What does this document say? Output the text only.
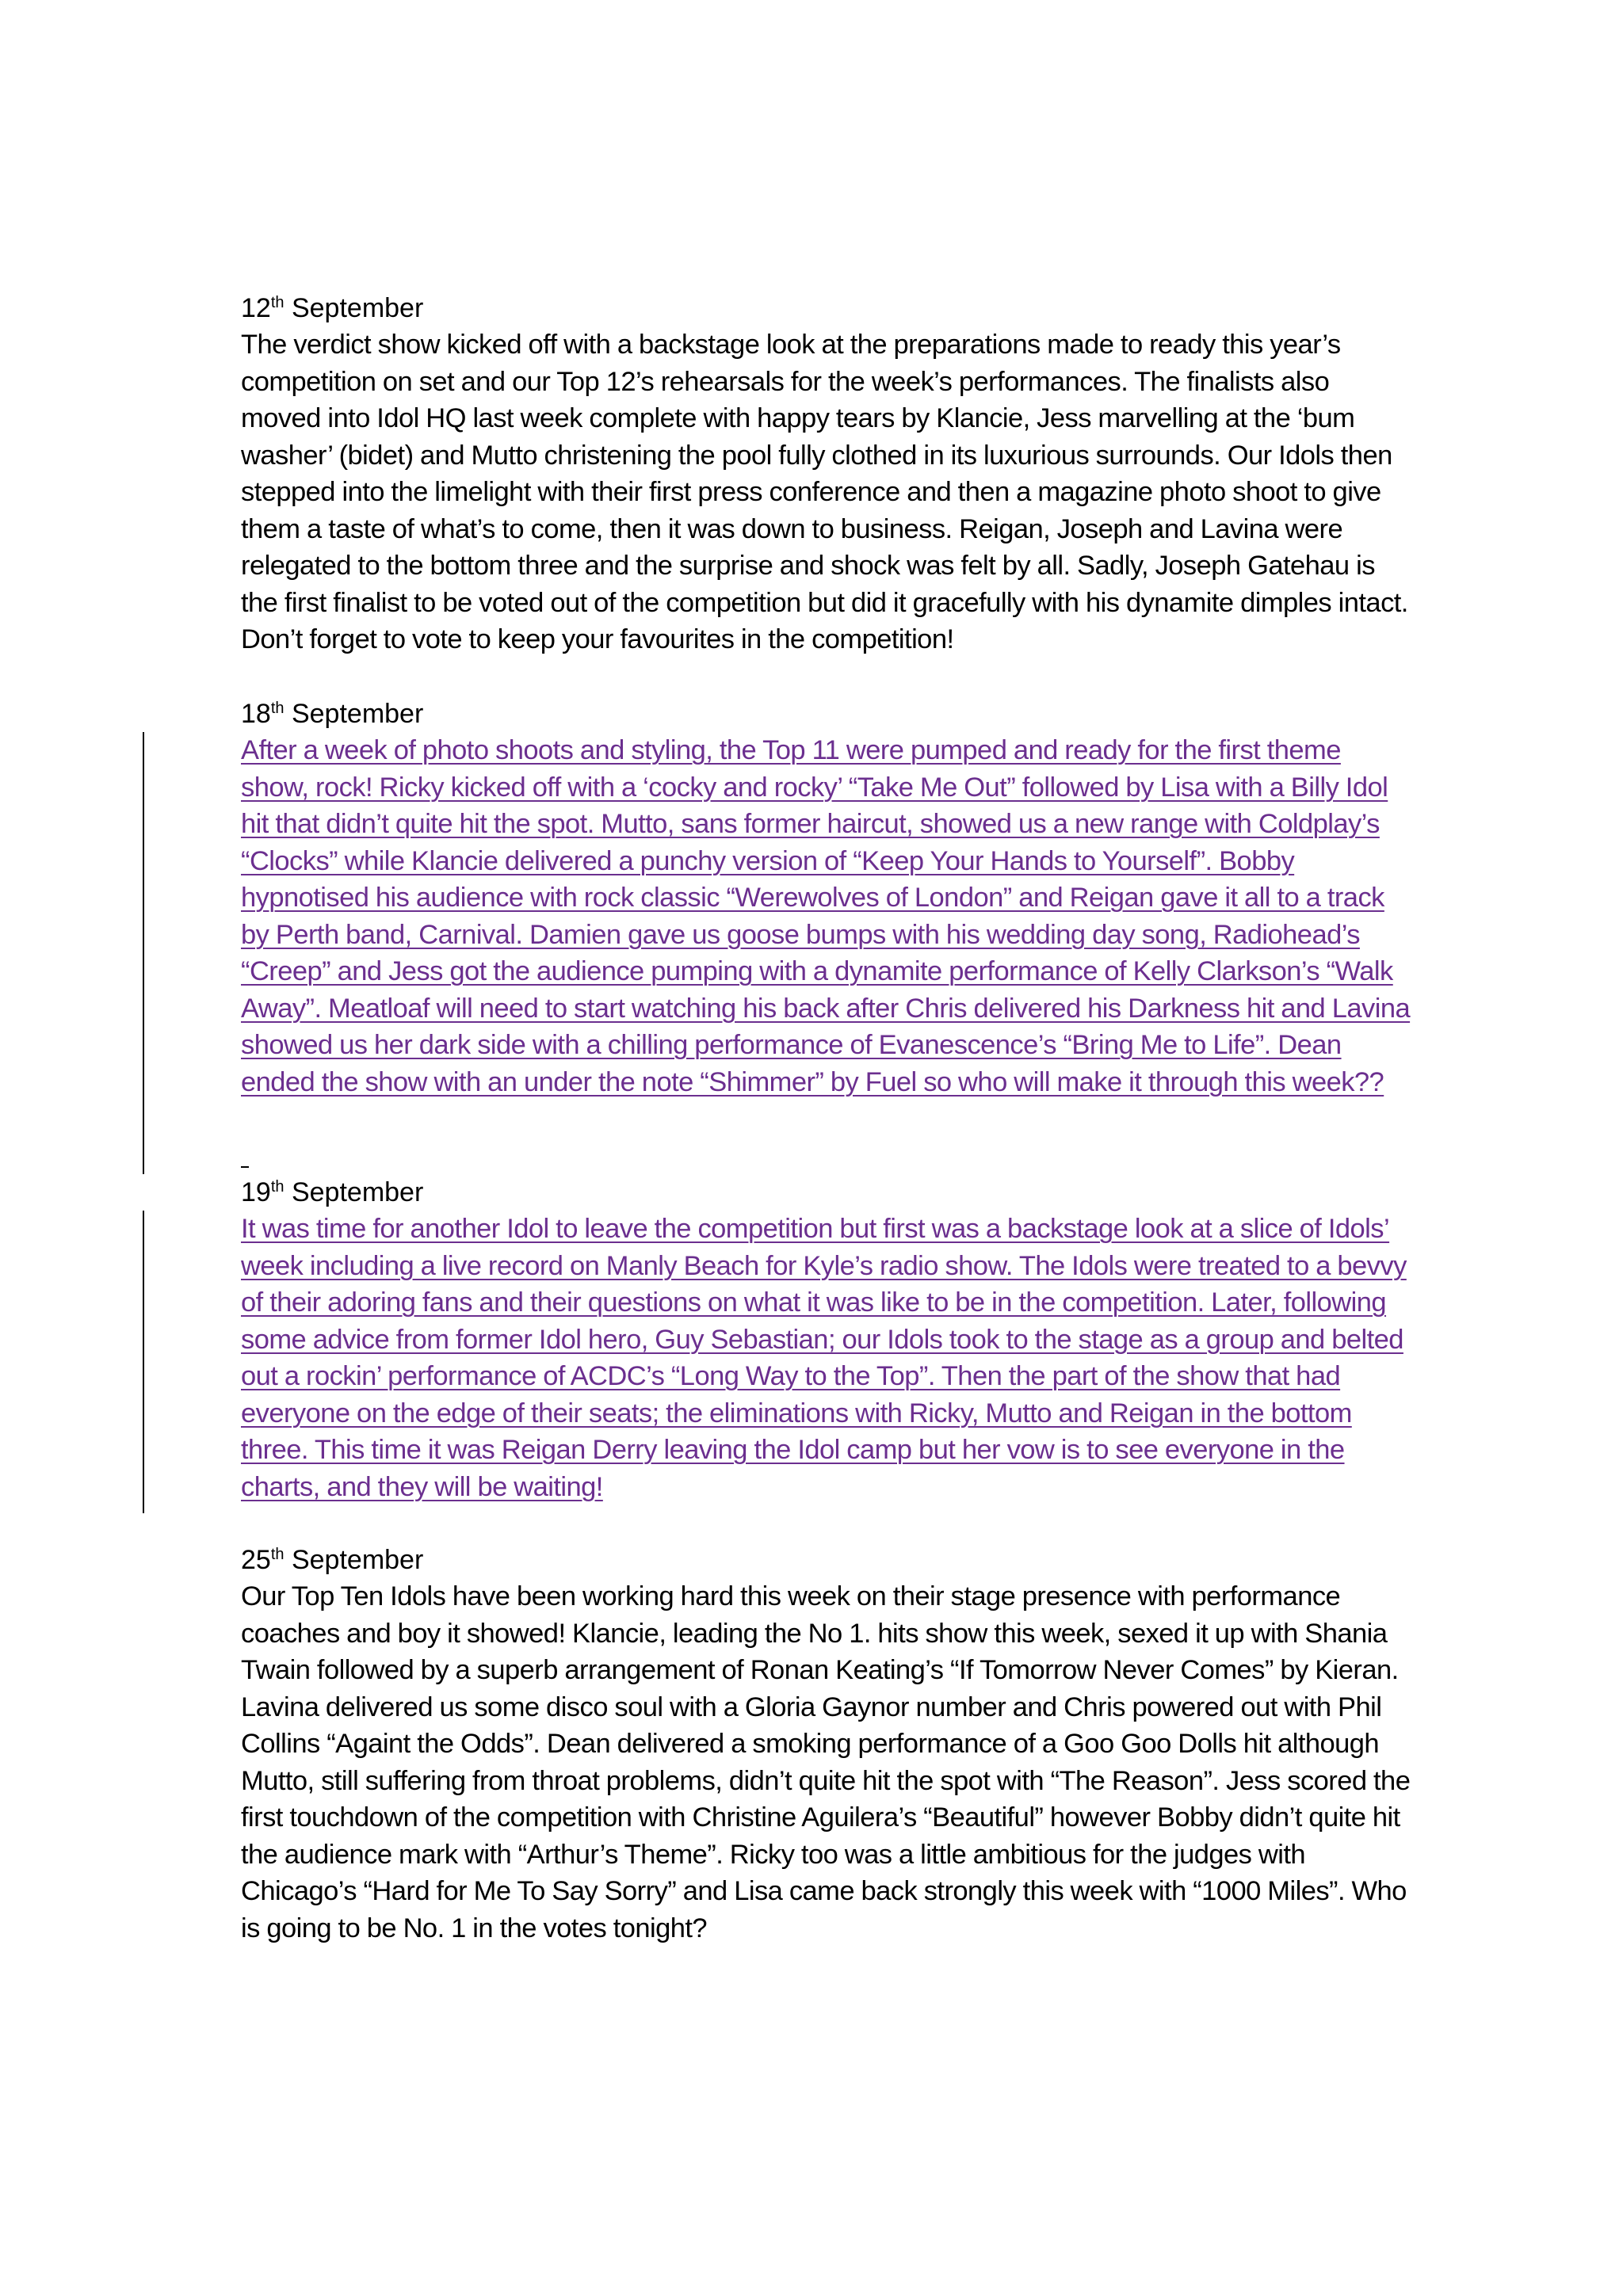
12th September

The verdict show kicked off with a backstage look at the preparations made to ready this year’s competition on set and our Top 12’s rehearsals for the week’s performances. The finalists also moved into Idol HQ last week complete with happy tears by Klancie, Jess marvelling at the ‘bum washer’ (bidet) and Mutto christening the pool fully clothed in its luxurious surrounds. Our Idols then stepped into the limelight with their first press conference and then a magazine photo shoot to give them a taste of what’s to come, then it was down to business. Reigan, Joseph and Lavina were relegated to the bottom three and the surprise and shock was felt by all. Sadly, Joseph Gatehau is the first finalist to be voted out of the competition but did it gracefully with his dynamite dimples intact. Don’t forget to vote to keep your favourites in the competition!

18th September

After a week of photo shoots and styling, the Top 11 were pumped and ready for the first theme show, rock! Ricky kicked off with a ‘cocky and rocky’ “Take Me Out” followed by Lisa with a Billy Idol hit that didn’t quite hit the spot. Mutto, sans former haircut, showed us a new range with Coldplay’s “Clocks” while Klancie delivered a punchy version of “Keep Your Hands to Yourself”. Bobby hypnotised his audience with rock classic “Werewolves of London” and Reigan gave it all to a track by Perth band, Carnival. Damien gave us goose bumps with his wedding day song, Radiohead’s “Creep” and Jess got the audience pumping with a dynamite performance of Kelly Clarkson’s “Walk Away”. Meatloaf will need to start watching his back after Chris delivered his Darkness hit and Lavina showed us her dark side with a chilling performance of Evanescence’s “Bring Me to Life”. Dean ended the show with an under the note “Shimmer” by Fuel so who will make it through this week??

19th September

It was time for another Idol to leave the competition but first was a backstage look at a slice of Idols’ week including a live record on Manly Beach for Kyle’s radio show. The Idols were treated to a bevvy of their adoring fans and their questions on what it was like to be in the competition. Later, following some advice from former Idol hero, Guy Sebastian; our Idols took to the stage as a group and belted out a rockin’ performance of ACDC’s “Long Way to the Top”. Then the part of the show that had everyone on the edge of their seats; the eliminations with Ricky, Mutto and Reigan in the bottom three. This time it was Reigan Derry leaving the Idol camp but her vow is to see everyone in the charts, and they will be waiting!

25th September

Our Top Ten Idols have been working hard this week on their stage presence with performance coaches and boy it showed! Klancie, leading the No 1. hits show this week, sexed it up with Shania Twain followed by a superb arrangement of Ronan Keating’s “If Tomorrow Never Comes” by Kieran. Lavina delivered us some disco soul with a Gloria Gaynor number and Chris powered out with Phil Collins “Againt the Odds”. Dean delivered a smoking performance of a Goo Goo Dolls hit although Mutto, still suffering from throat problems, didn’t quite hit the spot with “The Reason”. Jess scored the first touchdown of the competition with Christine Aguilera’s “Beautiful” however Bobby didn’t quite hit the audience mark with “Arthur’s Theme”. Ricky too was a little ambitious for the judges with Chicago’s “Hard for Me To Say Sorry” and Lisa came back strongly this week with “1000 Miles”. Who is going to be No. 1 in the votes tonight?
